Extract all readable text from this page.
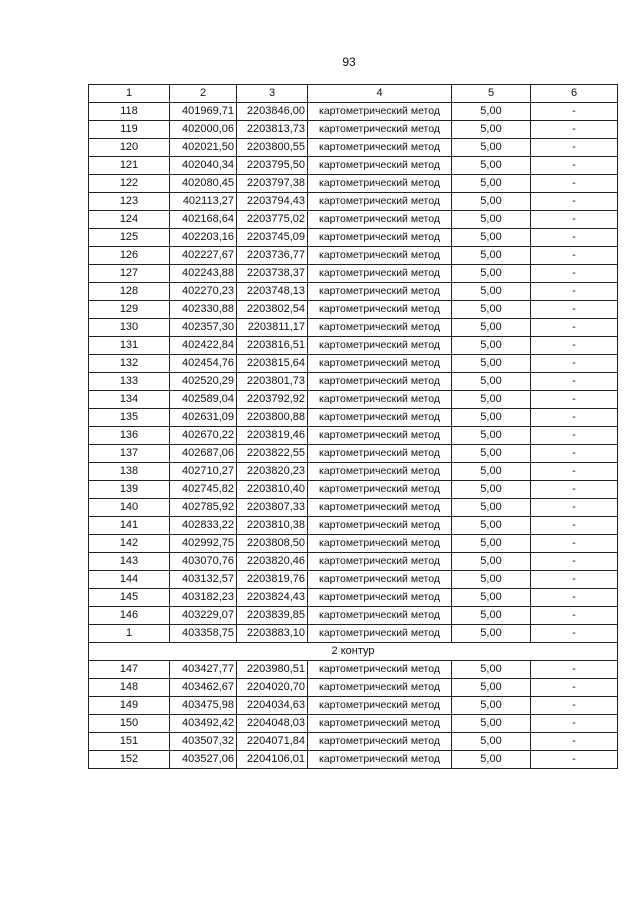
93
1	2	3	4	5	6
118	401969,71	2203846,00	картометрический метод	5,00	-
119	402000,06	2203813,73	картометрический метод	5,00	-
120	402021,50	2203800,55	картометрический метод	5,00	-
121	402040,34	2203795,50	картометрический метод	5,00	-
122	402080,45	2203797,38	картометрический метод	5,00	-
123	402113,27	2203794,43	картометрический метод	5,00	-
124	402168,64	2203775,02	картометрический метод	5,00	-
125	402203,16	2203745,09	картометрический метод	5,00	-
126	402227,67	2203736,77	картометрический метод	5,00	-
127	402243,88	2203738,37	картометрический метод	5,00	-
128	402270,23	2203748,13	картометрический метод	5,00	-
129	402330,88	2203802,54	картометрический метод	5,00	-
130	402357,30	2203811,17	картометрический метод	5,00	-
131	402422,84	2203816,51	картометрический метод	5,00	-
132	402454,76	2203815,64	картометрический метод	5,00	-
133	402520,29	2203801,73	картометрический метод	5,00	-
134	402589,04	2203792,92	картометрический метод	5,00	-
135	402631,09	2203800,88	картометрический метод	5,00	-
136	402670,22	2203819,46	картометрический метод	5,00	-
137	402687,06	2203822,55	картометрический метод	5,00	-
138	402710,27	2203820,23	картометрический метод	5,00	-
139	402745,82	2203810,40	картометрический метод	5,00	-
140	402785,92	2203807,33	картометрический метод	5,00	-
141	402833,22	2203810,38	картометрический метод	5,00	-
142	402992,75	2203808,50	картометрический метод	5,00	-
143	403070,76	2203820,46	картометрический метод	5,00	-
144	403132,57	2203819,76	картометрический метод	5,00	-
145	403182,23	2203824,43	картометрический метод	5,00	-
146	403229,07	2203839,85	картометрический метод	5,00	-
1	403358,75	2203883,10	картометрический метод	5,00	-
2 контур					
147	403427,77	2203980,51	картометрический метод	5,00	-
148	403462,67	2204020,70	картометрический метод	5,00	-
149	403475,98	2204034,63	картометрический метод	5,00	-
150	403492,42	2204048,03	картометрический метод	5,00	-
151	403507,32	2204071,84	картометрический метод	5,00	-
152	403527,06	2204106,01	картометрический метод	5,00	-
